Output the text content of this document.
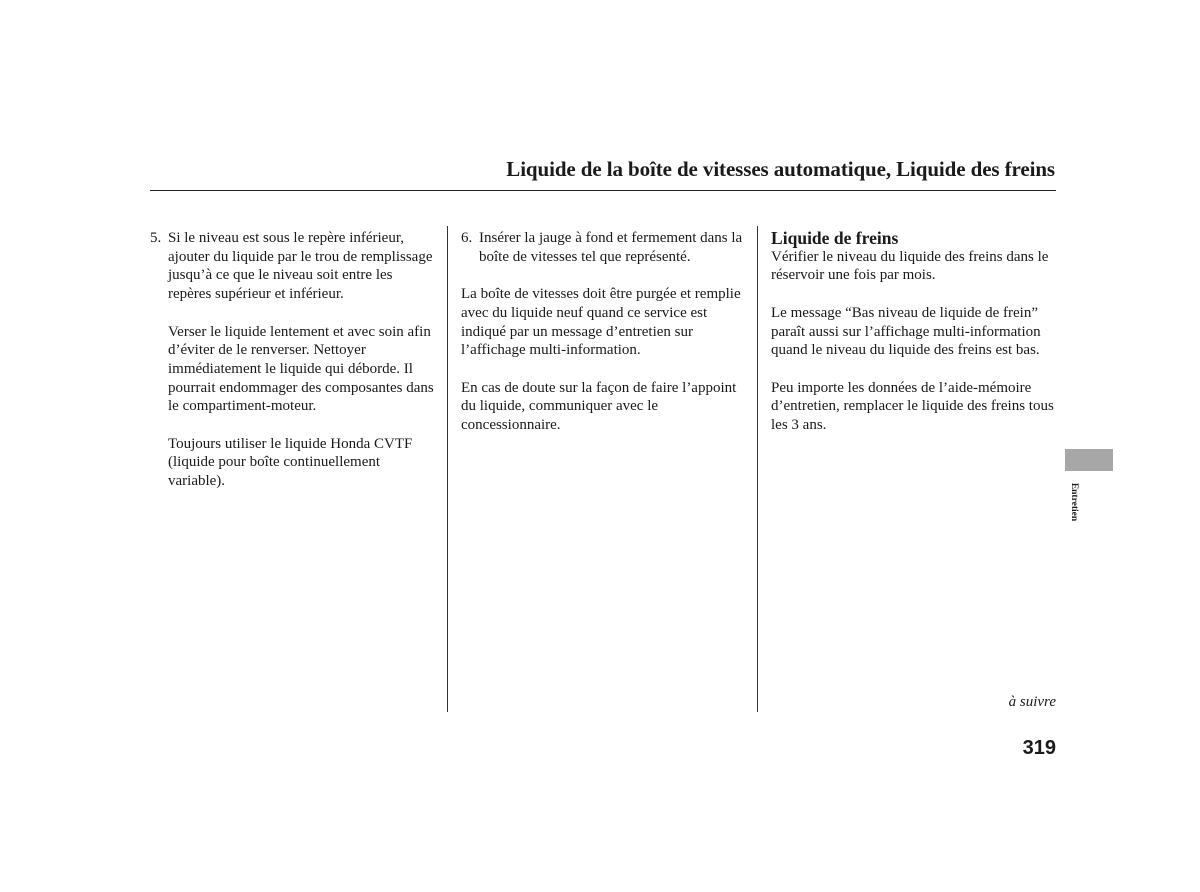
Liquide de la boîte de vitesses automatique, Liquide des freins
5. Si le niveau est sous le repère inférieur, ajouter du liquide par le trou de remplissage jusqu’à ce que le niveau soit entre les repères supérieur et inférieur.

Verser le liquide lentement et avec soin afin d’éviter de le renverser. Nettoyer immédiatement le liquide qui déborde. Il pourrait endommager des composantes dans le compartiment-moteur.

Toujours utiliser le liquide Honda CVTF (liquide pour boîte continuellement variable).

6. Insérer la jauge à fond et fermement dans la boîte de vitesses tel que représenté.

La boîte de vitesses doit être purgée et remplie avec du liquide neuf quand ce service est indiqué par un message d’entretien sur l’affichage multi-information.

En cas de doute sur la façon de faire l’appoint du liquide, communiquer avec le concessionnaire.

Liquide de freins

Vérifier le niveau du liquide des freins dans le réservoir une fois par mois.

Le message “Bas niveau de liquide de frein” paraît aussi sur l’affichage multi-information quand le niveau du liquide des freins est bas.

Peu importe les données de l’aide-mémoire d’entretien, remplacer le liquide des freins tous les 3 ans.

Entretien
à suivre
319
